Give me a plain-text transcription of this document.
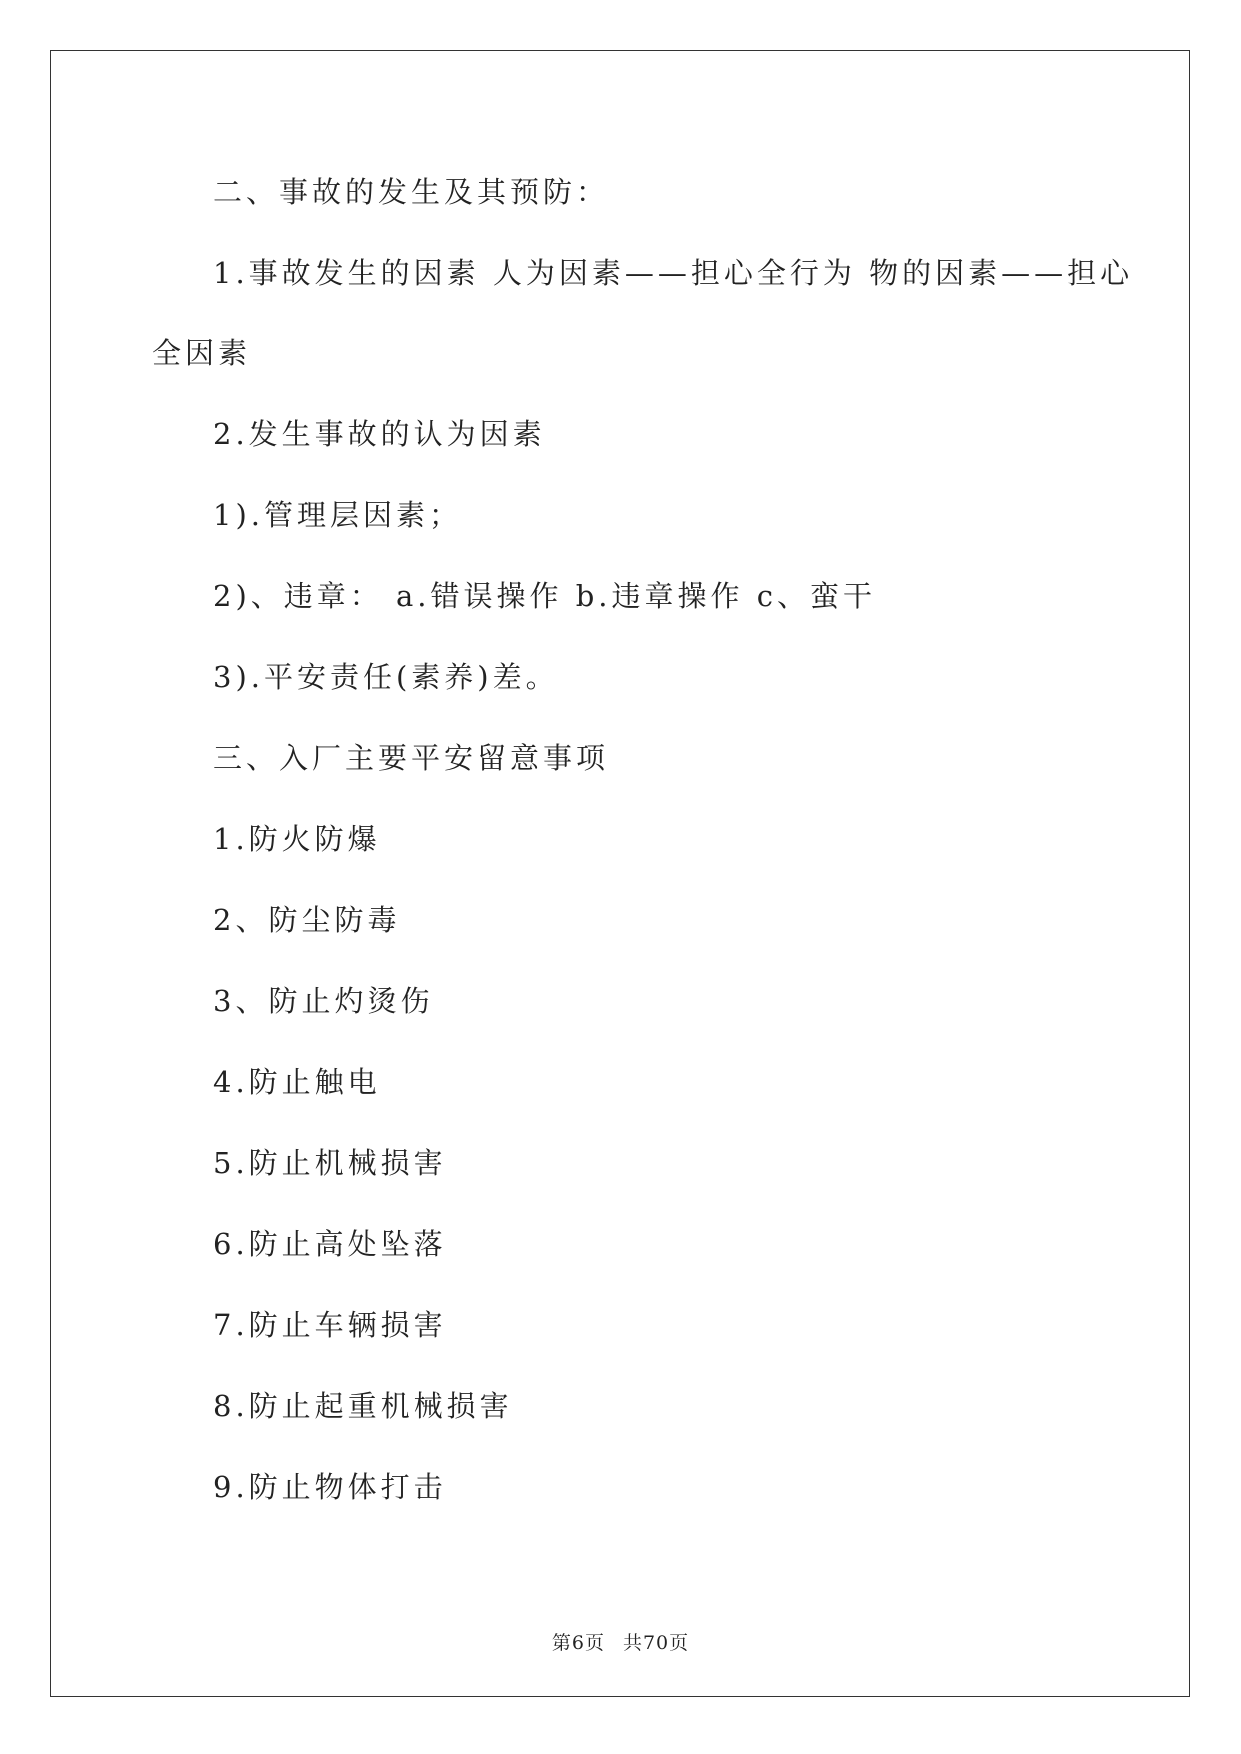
二、事故的发生及其预防：
1.事故发生的因素 人为因素——担心全行为 物的因素——担心
全因素
2.发生事故的认为因素
1).管理层因素；
2)、违章： a.错误操作 b.违章操作 c、蛮干
3).平安责任(素养)差。
三、入厂主要平安留意事项
1.防火防爆
2、防尘防毒
3、防止灼烫伤
4.防止触电
5.防止机械损害
6.防止高处坠落
7.防止车辆损害
8.防止起重机械损害
9.防止物体打击
第6页 共70页
